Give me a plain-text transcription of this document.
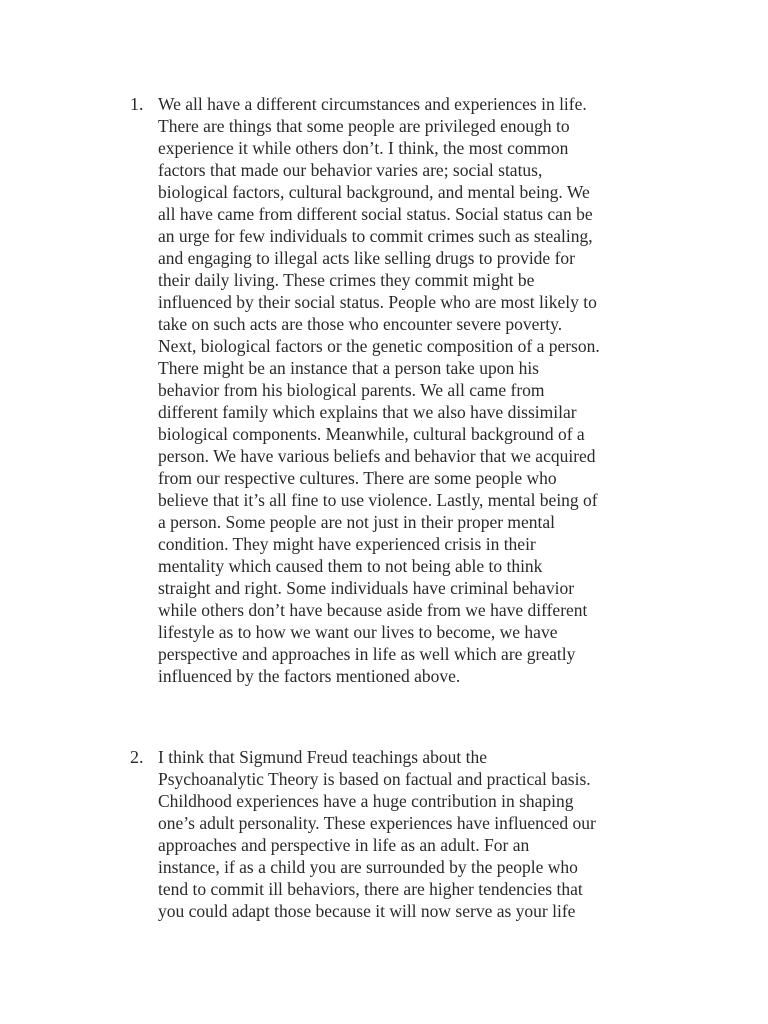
1. We all have a different circumstances and experiences in life.
There are things that some people are privileged enough to
experience it while others don’t. I think, the most common
factors that made our behavior varies are; social status,
biological factors, cultural background, and mental being. We
all have came from different social status. Social status can be
an urge for few individuals to commit crimes such as stealing,
and engaging to illegal acts like selling drugs to provide for
their daily living. These crimes they commit might be
influenced by their social status. People who are most likely to
take on such acts are those who encounter severe poverty.
Next, biological factors or the genetic composition of a person.
There might be an instance that a person take upon his
behavior from his biological parents. We all came from
different family which explains that we also have dissimilar
biological components. Meanwhile, cultural background of a
person. We have various beliefs and behavior that we acquired
from our respective cultures. There are some people who
believe that it’s all fine to use violence. Lastly, mental being of
a person. Some people are not just in their proper mental
condition. They might have experienced crisis in their
mentality which caused them to not being able to think
straight and right. Some individuals have criminal behavior
while others don’t have because aside from we have different
lifestyle as to how we want our lives to become, we have
perspective and approaches in life as well which are greatly
influenced by the factors mentioned above.

2. I think that Sigmund Freud teachings about the
Psychoanalytic Theory is based on factual and practical basis.
Childhood experiences have a huge contribution in shaping
one’s adult personality. These experiences have influenced our
approaches and perspective in life as an adult. For an
instance, if as a child you are surrounded by the people who
tend to commit ill behaviors, there are higher tendencies that
you could adapt those because it will now serve as your life
